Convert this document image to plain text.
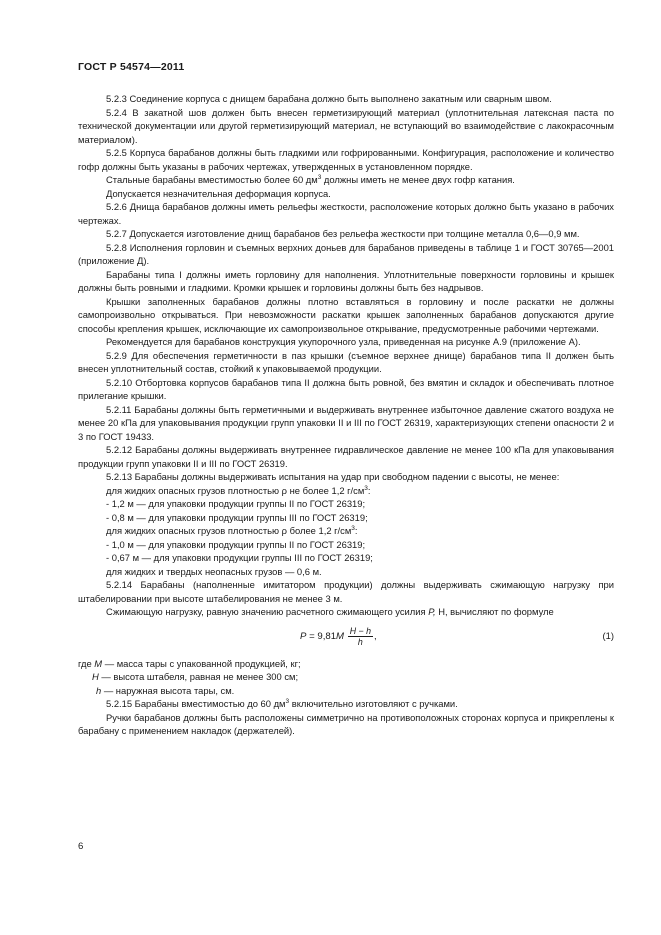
ГОСТ Р 54574—2011

5.2.3 Соединение корпуса с днищем барабана должно быть выполнено закатным или сварным швом.

5.2.4 В закатной шов должен быть внесен герметизирующий материал (уплотнительная латексная паста по технической документации или другой герметизирующий материал, не вступающий во взаимодействие с лакокрасочным материалом).

5.2.5 Корпуса барабанов должны быть гладкими или гофрированными. Конфигурация, расположение и количество гофр должны быть указаны в рабочих чертежах, утвержденных в установленном порядке.

Стальные барабаны вместимостью более 60 $дм^3$ должны иметь не менее двух гофр катания.

Допускается незначительная деформация корпуса.

5.2.6 Днища барабанов должны иметь рельефы жесткости, расположение которых должно быть указано в рабочих чертежах.

5.2.7 Допускается изготовление днищ барабанов без рельефа жесткости при толщине металла 0,6—0,9 мм.

5.2.8 Исполнения горловин и съемных верхних доньев для барабанов приведены в таблице 1 и ГОСТ 30765—2001 (приложение Д).

Барабаны типа I должны иметь горловину для наполнения. Уплотнительные поверхности горловины и крышек должны быть ровными и гладкими. Кромки крышек и горловины должны быть без надрывов.

Крышки заполненных барабанов должны плотно вставляться в горловину и после раскатки не должны самопроизвольно открываться. При невозможности раскатки крышек заполненных барабанов допускаются другие способы крепления крышек, исключающие их самопроизвольное открывание, предусмотренные рабочими чертежами.

Рекомендуется для барабанов конструкция укупорочного узла, приведенная на рисунке А.9 (приложение А).

5.2.9 Для обеспечения герметичности в паз крышки (съемное верхнее днище) барабанов типа II должен быть внесен уплотнительный состав, стойкий к упаковываемой продукции.

5.2.10 Отбортовка корпусов барабанов типа II должна быть ровной, без вмятин и складок и обеспечивать плотное прилегание крышки.

5.2.11 Барабаны должны быть герметичными и выдерживать внутреннее избыточное давление сжатого воздуха не менее 20 кПа для упаковывания продукции групп упаковки II и III по ГОСТ 26319, характеризующих степени опасности 2 и 3 по ГОСТ 19433.

5.2.12 Барабаны должны выдерживать внутреннее гидравлическое давление не менее 100 кПа для упаковывания продукции групп упаковки II и III по ГОСТ 26319.

5.2.13 Барабаны должны выдерживать испытания на удар при свободном падении с высоты, не менее:

для жидких опасных грузов плотностью ρ не более 1,2 $г/см^3$:

- 1,2 м — для упаковки продукции группы II по ГОСТ 26319;

- 0,8 м — для упаковки продукции группы III по ГОСТ 26319;

для жидких опасных грузов плотностью ρ более 1,2 $г/см^3$:

- 1,0 м — для упаковки продукции группы II по ГОСТ 26319;

- 0,67 м — для упаковки продукции группы III по ГОСТ 26319;

для жидких и твердых неопасных грузов — 0,6 м.

5.2.14 Барабаны (наполненные имитатором продукции) должны выдерживать сжимающую нагрузку при штабелировании при высоте штабелирования не менее 3 м.

Сжимающую нагрузку, равную значению расчетного сжимающего усилия Р, Н, вычисляют по формуле

$P = 9,81M \frac{H - h}{h}$ ,	(1)

где M — масса тары с упакованной продукцией, кг;

H — высота штабеля, равная не менее 300 см;

h — наружная высота тары, см.

5.2.15 Барабаны вместимостью до 60 $дм^3$ включительно изготовляют с ручками.

Ручки барабанов должны быть расположены симметрично на противоположных сторонах корпуса и прикреплены к барабану с применением накладок (держателей).

6
